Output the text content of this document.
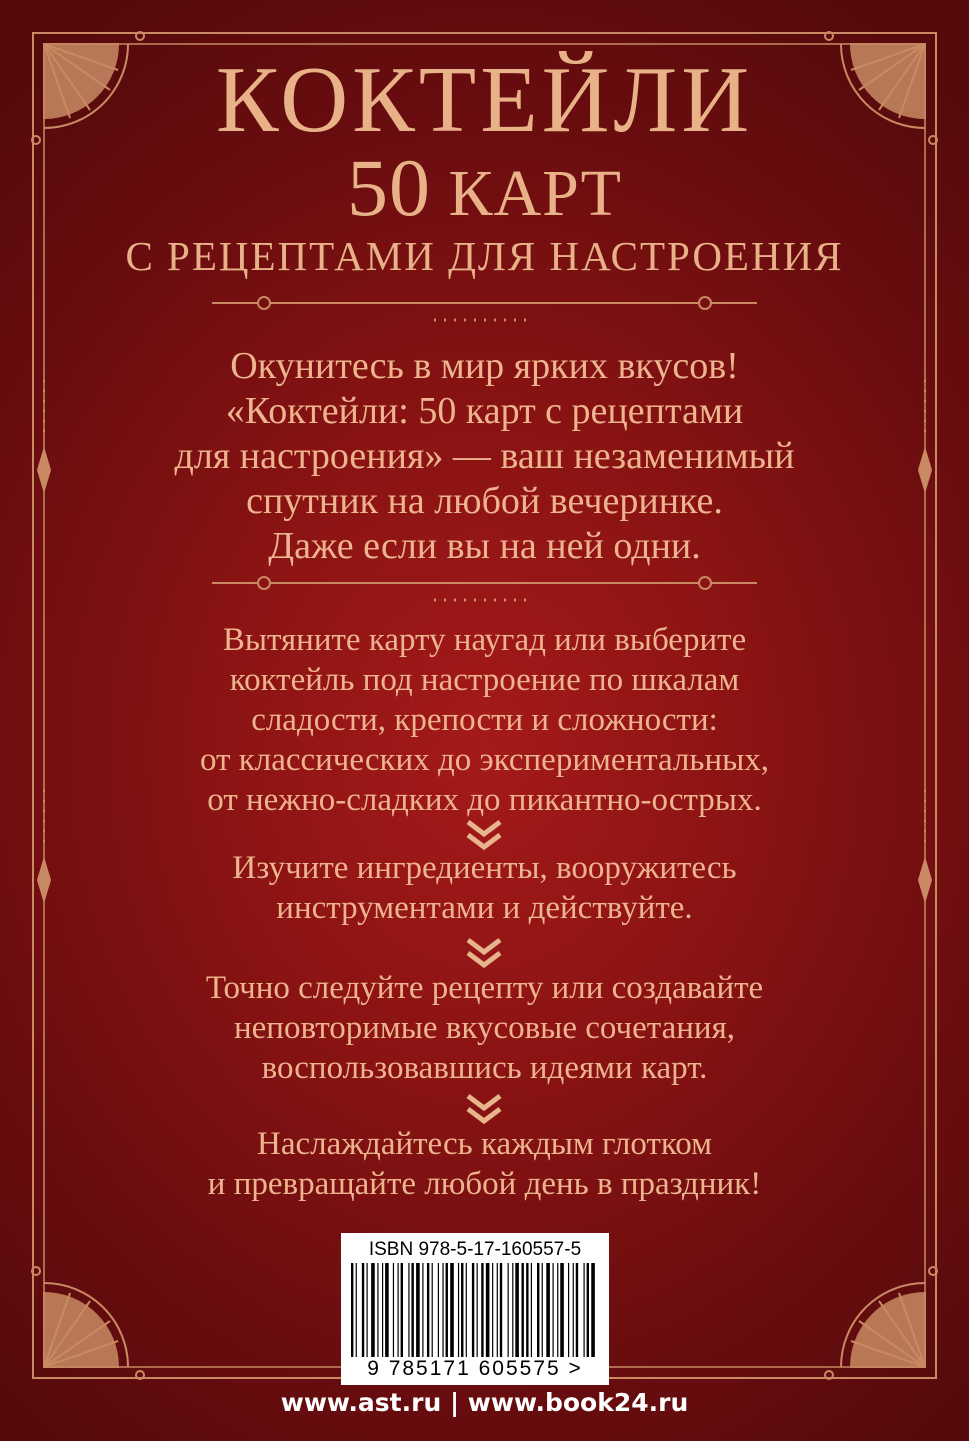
КОКТЕЙЛИ
50 КАРТ
С РЕЦЕПТАМИ ДЛЯ НАСТРОЕНИЯ
Окунитесь в мир ярких вкусов!
«Коктейли: 50 карт с рецептами
для настроения» — ваш незаменимый
спутник на любой вечеринке.
Даже если вы на ней одни.
Вытяните карту наугад или выберите
коктейль под настроение по шкалам
сладости, крепости и сложности:
от классических до экспериментальных,
от нежно-сладких до пикантно-острых.
Изучите ингредиенты, вооружитесь
инструментами и действуйте.
Точно следуйте рецепту или создавайте
неповторимые вкусовые сочетания,
воспользовавшись идеями карт.
Наслаждайтесь каждым глотком
и превращайте любой день в праздник!
ISBN 978-5-17-160557-5
9 785171 605575 >
www.ast.ru | www.book24.ru
